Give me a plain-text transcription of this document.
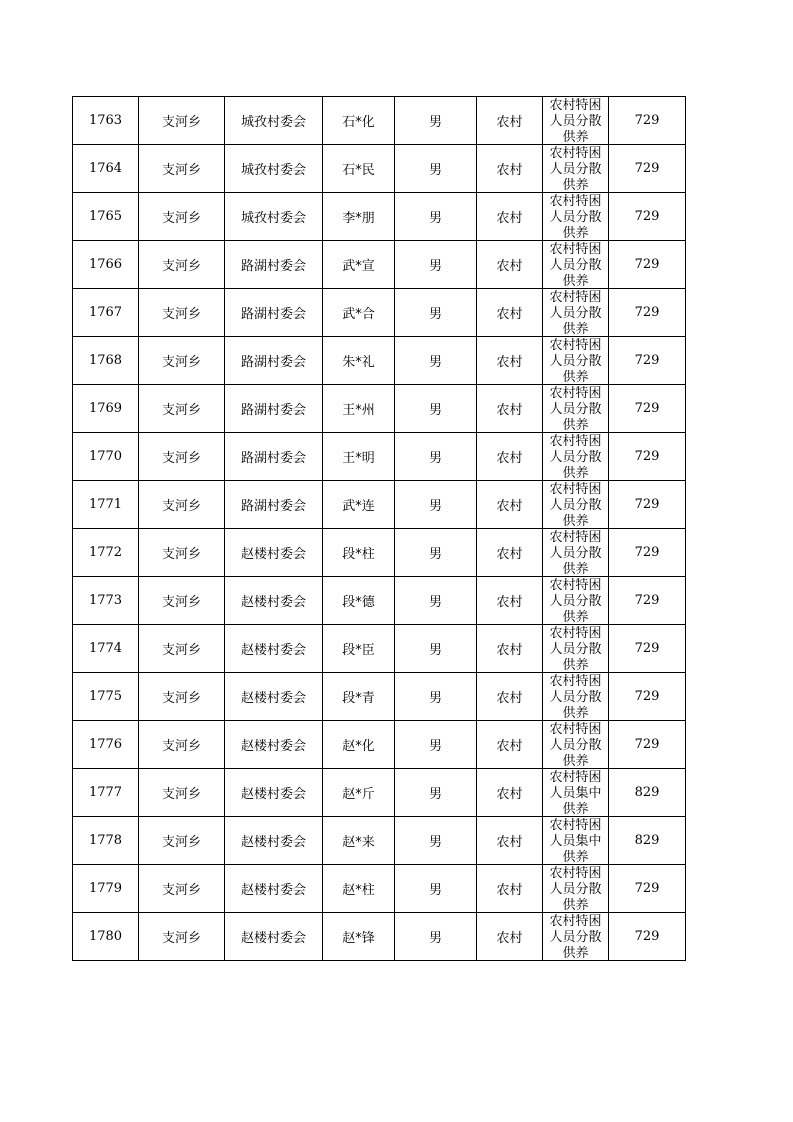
1763	支河乡	城孜村委会	石*化	男	农村	农村特困人员分散供养	729
1764	支河乡	城孜村委会	石*民	男	农村	农村特困人员分散供养	729
1765	支河乡	城孜村委会	李*朋	男	农村	农村特困人员分散供养	729
1766	支河乡	路湖村委会	武*宣	男	农村	农村特困人员分散供养	729
1767	支河乡	路湖村委会	武*合	男	农村	农村特困人员分散供养	729
1768	支河乡	路湖村委会	朱*礼	男	农村	农村特困人员分散供养	729
1769	支河乡	路湖村委会	王*州	男	农村	农村特困人员分散供养	729
1770	支河乡	路湖村委会	王*明	男	农村	农村特困人员分散供养	729
1771	支河乡	路湖村委会	武*连	男	农村	农村特困人员分散供养	729
1772	支河乡	赵楼村委会	段*柱	男	农村	农村特困人员分散供养	729
1773	支河乡	赵楼村委会	段*德	男	农村	农村特困人员分散供养	729
1774	支河乡	赵楼村委会	段*臣	男	农村	农村特困人员分散供养	729
1775	支河乡	赵楼村委会	段*青	男	农村	农村特困人员分散供养	729
1776	支河乡	赵楼村委会	赵*化	男	农村	农村特困人员分散供养	729
1777	支河乡	赵楼村委会	赵*斤	男	农村	农村特困人员集中供养	829
1778	支河乡	赵楼村委会	赵*来	男	农村	农村特困人员集中供养	829
1779	支河乡	赵楼村委会	赵*柱	男	农村	农村特困人员分散供养	729
1780	支河乡	赵楼村委会	赵*锋	男	农村	农村特困人员分散供养	729
